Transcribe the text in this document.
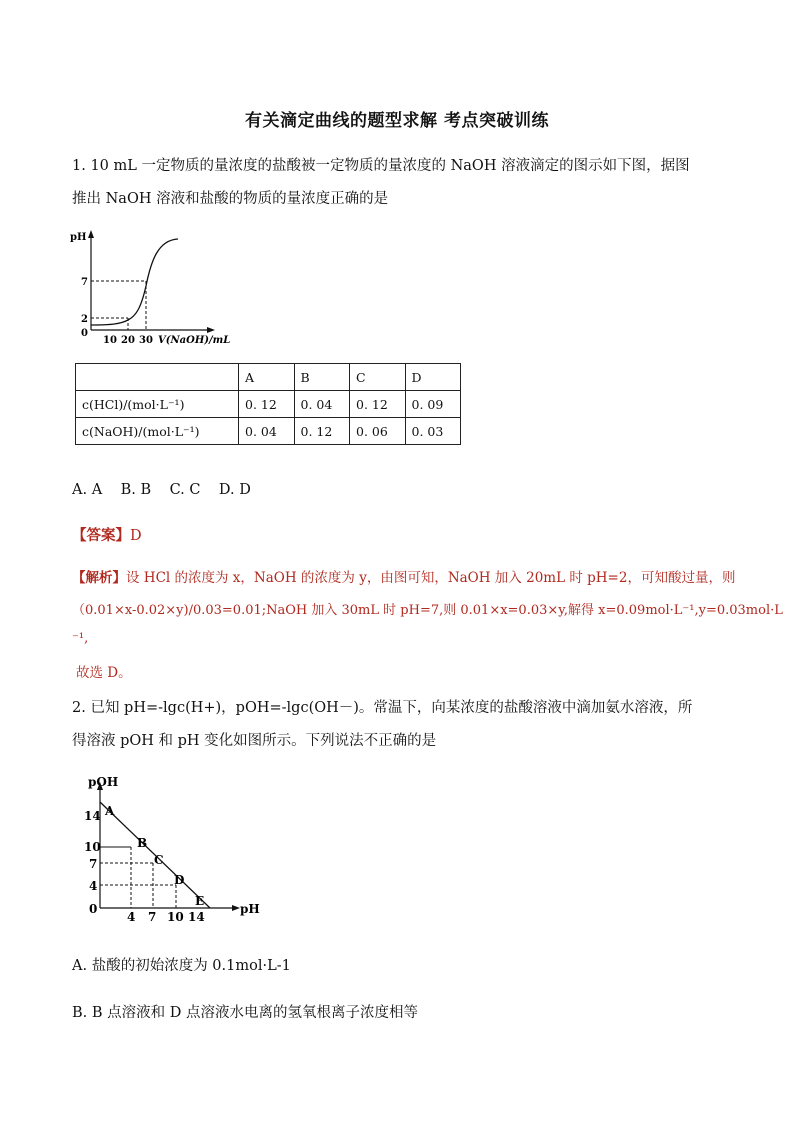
有关滴定曲线的题型求解 考点突破训练
1. 10 mL 一定物质的量浓度的盐酸被一定物质的量浓度的 NaOH 溶液滴定的图示如下图，据图
推出 NaOH 溶液和盐酸的物质的量浓度正确的是
pH
7
2
0
10 20 30 V(NaOH)/mL
	A	B	C	D
c(HCl)/(mol·L⁻¹)	0. 12	0. 04	0. 12	0. 09
c(NaOH)/(mol·L⁻¹)	0. 04	0. 12	0. 06	0. 03
A. A    B. B    C. C    D. D
【答案】D
【解析】设 HCl 的浓度为 x，NaOH 的浓度为 y，由图可知，NaOH 加入 20mL 时 pH=2，可知酸过量，则
（0.01×x-0.02×y)/0.03=0.01;NaOH 加入 30mL 时 pH=7,则 0.01×x=0.03×y,解得 x=0.09mol·L⁻¹,y=0.03mol·L
⁻¹,
故选 D。
2. 已知 pH=-lgc(H+)，pOH=-lgc(OH－)。常温下，向某浓度的盐酸溶液中滴加氨水溶液，所
得溶液 pOH 和 pH 变化如图所示。下列说法不正确的是
pOH
14
10
7
4
0
4 7 10 14
pH
A
B
C
D
E
A. 盐酸的初始浓度为 0.1mol·L-1
B. B 点溶液和 D 点溶液水电离的氢氧根离子浓度相等
